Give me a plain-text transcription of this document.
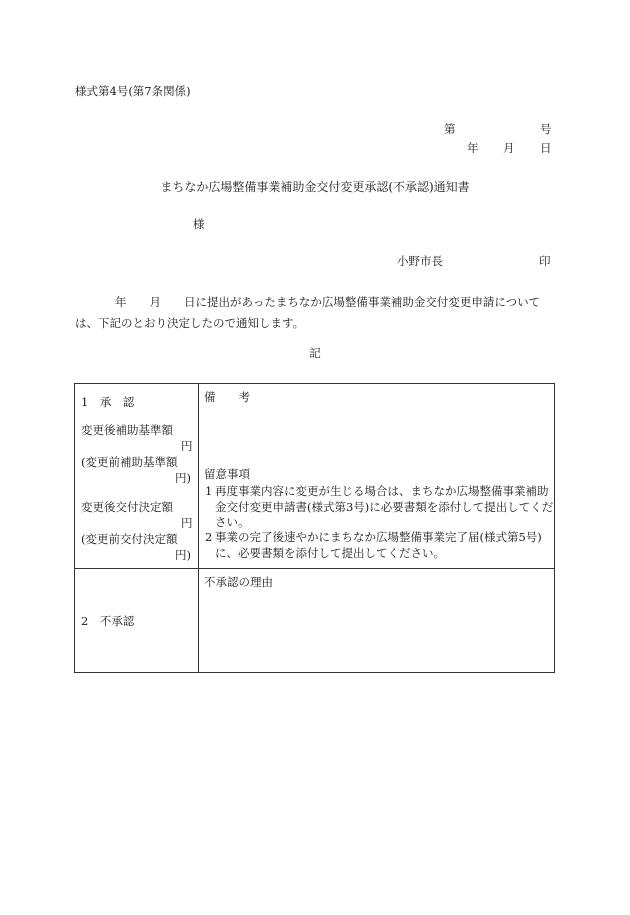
様式第4号(第7条関係)
第	号
年 月 日
まちなか広場整備事業補助金交付変更承認(不承認)通知書
様
小野市長	印
年 月 日に提出があったまちなか広場整備事業補助金交付変更申請については、下記のとおり決定したので通知します。
記
1　承　認
変更後補助基準額
円
(変更前補助基準額
円)
変更後交付決定額
円
(変更前交付決定額
円)
備　　考
留意事項
1 再度事業内容に変更が生じる場合は、まちなか広場整備事業補助金交付変更申請書(様式第3号)に必要書類を添付して提出してください。
2 事業の完了後速やかにまちなか広場整備事業完了届(様式第5号)に、必要書類を添付して提出してください。
2　不承認
不承認の理由
